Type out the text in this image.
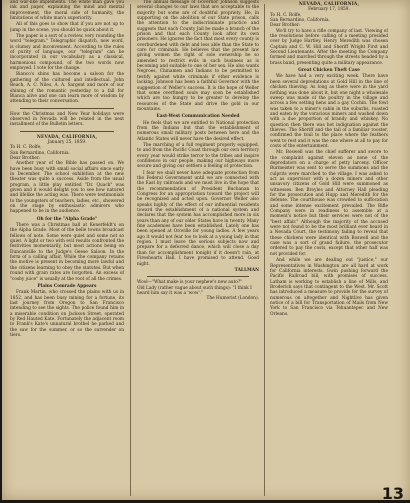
and war-like implements. The white man gave you ink and paper, explaining the mind and mental improvement, the moral side of humanity, the limitations of white man's superiority.

All of this goes to show that if you are not up to jump in the scene, you should be quick about it.

The paper is a sort of a review, very rounding the word "telegram." Telegraphic dispatch, new word, is clumsy and inconvenient. According to the rules of purity of language, our "telegram" can be incorporated in our vocabulary as a classical, harmonious compound, of the two words now employed. I vote for the change.

Bianco's shins has become a saloon for the gathering of the cultured and intellectual. John Beach, A. C. Niles, A. A. Sargent and more of our shining of the romantic yesterday to a fall for Bianca alive and one can learn more of wisdom by attending to their conversation.

How the Christmas and New Year holidays were observed in Nevada will be related in the next installment of the Bulletin letters.

NEVADA, CALIFORNIA,
January 25, 1859.
To H. C. Rolfe,
San Bernardino, California.
Dear Brother:

Another year of the Bible has passed on. We have been busy with small social affairs since early in December. The school exhibition at the new theater was quite a success. Aside from the usual program, a little play entitled "Dr. Quack" was given and it would delight you to see how natured and lifelike the acting was. There were testimonials to the youngsters of teachers, ladies, etc., showered on the stage by enthusiastic admirers who happened to be in the audience.

Oh for the "Alpha Grade"

There was a Christmas ball at Kenerfeldt's on the Alpha Grade. Most of the belle towns broadcast fellows of note. Some were quiet and some not so quiet. A light or two with evil results confronted the festivities momentarily, but most actions being on Duncanville to the Judge's Geese Saloon. In the form of a calling affair, While the company retains the motive is present in becoming more lawful and the citizens learning to obey the statutes. But when round with grain rates are forgotten. An excess of "cosby juice" is usually at the root of all the crimes.

Plains Comrade Appears

Frank Martin, who crossed the plains with us in 1852, and has been busy mining for a fortune, its last journey from Oregon to San Francisco intending to see the sights. The police found him in a miserable condition on Jackson Street, operated by Red Hauted Kate. Fortunately the adjacent room to Frank's Kate's unnatural brothel he parked and the saw for the summer, or so the surrender on tiers.

The annual message of Governor Johnson suggests several changes to our laws that are acceptable to the majority but some are of doubtful propriety. He, in supporting on the abolition of our State prison, calls the attention to the indiscriminate practice and suggests that each County Jail be made a branch of the prison and that each County look after its own prisoners. He ignores the fact that most every county is overburdened with debt and less able than the State to care for criminals. He believes that the present law giving women the right of sole ownership be so amended to restrict evils in such business as is becoming and suitable to one of her sex. He also wants Negroes, Chinamen and Indians to be permitted to testify against white criminals if other evidence is lacking. Johnson has been a faithful Governor with the suggestion of Weller's success. It is the hope of Weller that some overfined souls may soon be established which are too hungry to be greater to develop the resources of the State and drive the gold in our mountains.

East-West Communication Needed

He feels that we are entitled to National protection from the Indians but that the establishment of numerous small military posts between here and the Atlantic States will never have the desired effect.

The marching of a full regiment properly equipped, to and from the Pacific Coast through our own territory every year would strike terror to the tribes and inspire confidence in our people, making our highways more secure and giving our settlers a feeling of protection.

I fear we shall never have adequate protection from the Federal Government until we are connected with the East by railroads and we must live in the hope that the recommendation of President Buchanan to Congress for an appropriation toward the project will be recognized and acted upon. Governor Weller also speaks highly of the effect of our influential residents toward the establishment of a national system and declares that the system has accomplished more in six years than any of our older States have in twenty. Many fine academies have been established. Lately one has been opened at Oroville for young ladies. A few years ago it would not fear too to look at a young lady in that region. I must leave the serious subjects now and prepare for a deferred dance, which will close a day than for accomplishment tonight if it doesn't rain, at Fireshearts Hall. I have promised to attend. Good night.

TALLMAN
Wool—"What make is your nephew's new auto?"
Old Lady (rather vague about such things): "I think I heard him say it was a 'wow'."
The Humorist (London).
NEVADA, CALIFORNIA,
February 17, 1859.
To H. C. Rolfe,
San Bernardino, California.
Dear Brother:

We'll try to have a rifle company of last. Viewing of the resolutions before calling of a meeting presided over by Judge Hartley. Henry Meredith was chosen Captain and C. W. Hill and Sheriff Wright First and Second Lieutenants. After the meeting the Company formed and marched through the streets headed by a brass band, presenting quite a military appearance.

Great Chicken Theft Case

We have had a very exciting week. There have been several depredations at Gold Hill in the line of chicken thieving. As long as there were in the yard nothing was done about it, but one night a wholesale sweep was made of the poultry in the village and across a few setting hens and a gay Cochin. The fowl was taken to a miner's cabin in the suburbs, roasted and eaten by the voracious miners and washed down with a due proportion of brandy and whiskey. No question then there was hot indignation against the thieves. The Sheriff and the tail of a familiar rooster, confirmed the trail to the place where the feathers went to rest and it was the one where at all to pay for costs of the entertainment.

Mr. Boswell was the chief sufferer and swore to the complaint against eleven as none of the depredators on a charge of petty larceny. Officer Burmeister was sent to serve the summons and the culprits were marched to the village. I was asked to act as supervisor with a dozen miners and other unsavory citizens of Gold Hill were summoned as witnesses. Ben Broyles and Attorney Hall pleading for the prosecution and Hupp and Meredith for the defense. The courthouse was crowded to suffocation and some intense excitement prevailed. The Rifle Company were in readiness to assemble at a moment's notice but their services were not of the "best affair." Although the majority of the accused were not found to be the most brilliant ever heard in a Nevada Court, the testimony failing to reveal that these chickens were identical with Boswell and the case was a sort of grand failure, the prosecutor ordered to pay the costs, except that other half was not provided for.

And while we are dealing out "justice," our Representatives in Washington are all hard at work for California interests. Gwin pushing forward the Pacific Railroad bill, with promises of success. Latham is working to establish a line of Mills, and Broderick says that contingent to the West. Mr. Scott has introduced a measure to provide for the survey of numerous on altogether and Nightlive has given notice of a bill for Transportation of Mails from New York to San Francisco via Tehuantepec and New Orleans.

13
